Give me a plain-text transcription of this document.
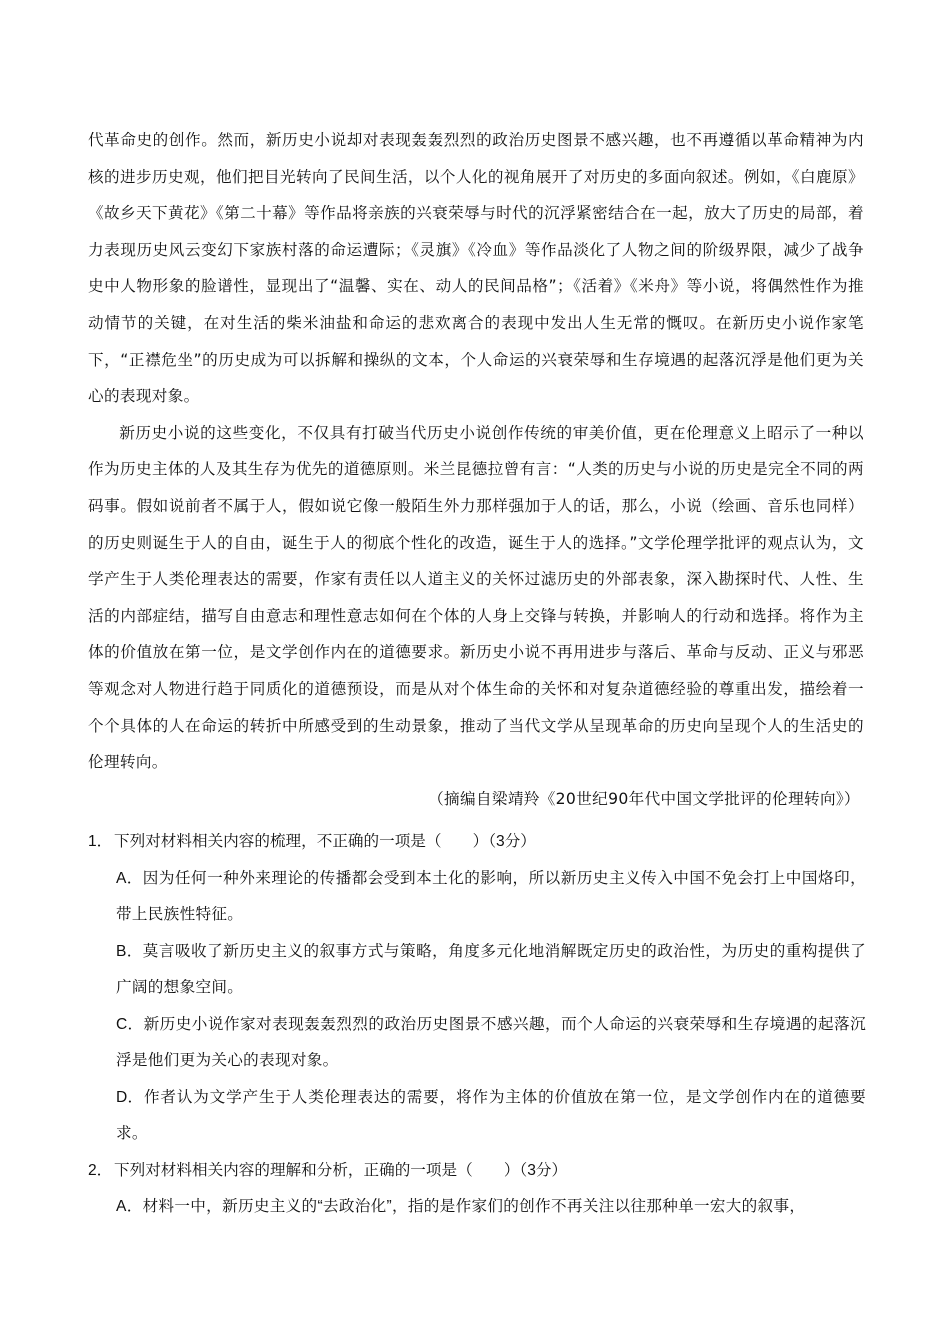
代革命史的创作。然而，新历史小说却对表现轰轰烈烈的政治历史图景不感兴趣，也不再遵循以革命精神为内核的进步历史观，他们把目光转向了民间生活，以个人化的视角展开了对历史的多面向叙述。例如，《白鹿原》《故乡天下黄花》《第二十幕》等作品将亲族的兴衰荣辱与时代的沉浮紧密结合在一起，放大了历史的局部，着力表现历史风云变幻下家族村落的命运遭际；《灵旗》《冷血》等作品淡化了人物之间的阶级界限，减少了战争史中人物形象的脸谱性，显现出了“温馨、实在、动人的民间品格”；《活着》《米舟》等小说，将偶然性作为推动情节的关键，在对生活的柴米油盐和命运的悲欢离合的表现中发出人生无常的慨叹。在新历史小说作家笔下，“正襟危坐”的历史成为可以拆解和操纵的文本，个人命运的兴衰荣辱和生存境遇的起落沉浮是他们更为关心的表现对象。

新历史小说的这些变化，不仅具有打破当代历史小说创作传统的审美价值，更在伦理意义上昭示了一种以作为历史主体的人及其生存为优先的道德原则。米兰昆德拉曾有言：“人类的历史与小说的历史是完全不同的两码事。假如说前者不属于人，假如说它像一般陌生外力那样强加于人的话，那么，小说（绘画、音乐也同样）的历史则诞生于人的自由，诞生于人的彻底个性化的改造，诞生于人的选择。”文学伦理学批评的观点认为，文学产生于人类伦理表达的需要，作家有责任以人道主义的关怀过滤历史的外部表象，深入勘探时代、人性、生活的内部症结，描写自由意志和理性意志如何在个体的人身上交锋与转换，并影响人的行动和选择。将作为主体的价值放在第一位，是文学创作内在的道德要求。新历史小说不再用进步与落后、革命与反动、正义与邪恶等观念对人物进行趋于同质化的道德预设，而是从对个体生命的关怀和对复杂道德经验的尊重出发，描绘着一个个具体的人在命运的转折中所感受到的生动景象，推动了当代文学从呈现革命的历史向呈现个人的生活史的伦理转向。

（摘编自梁靖羚《20世纪90年代中国文学批评的伦理转向》）

1． 下列对材料相关内容的梳理，不正确的一项是（　　）（3分）

A．因为任何一种外来理论的传播都会受到本土化的影响，所以新历史主义传入中国不免会打上中国烙印，带上民族性特征。

B．莫言吸收了新历史主义的叙事方式与策略，角度多元化地消解既定历史的政治性，为历史的重构提供了广阔的想象空间。

C．新历史小说作家对表现轰轰烈烈的政治历史图景不感兴趣，而个人命运的兴衰荣辱和生存境遇的起落沉浮是他们更为关心的表现对象。

D．作者认为文学产生于人类伦理表达的需要，将作为主体的价值放在第一位，是文学创作内在的道德要求。

2． 下列对材料相关内容的理解和分析，正确的一项是（　　）（3分）

A．材料一中，新历史主义的“去政治化”，指的是作家们的创作不再关注以往那种单一宏大的叙事，
